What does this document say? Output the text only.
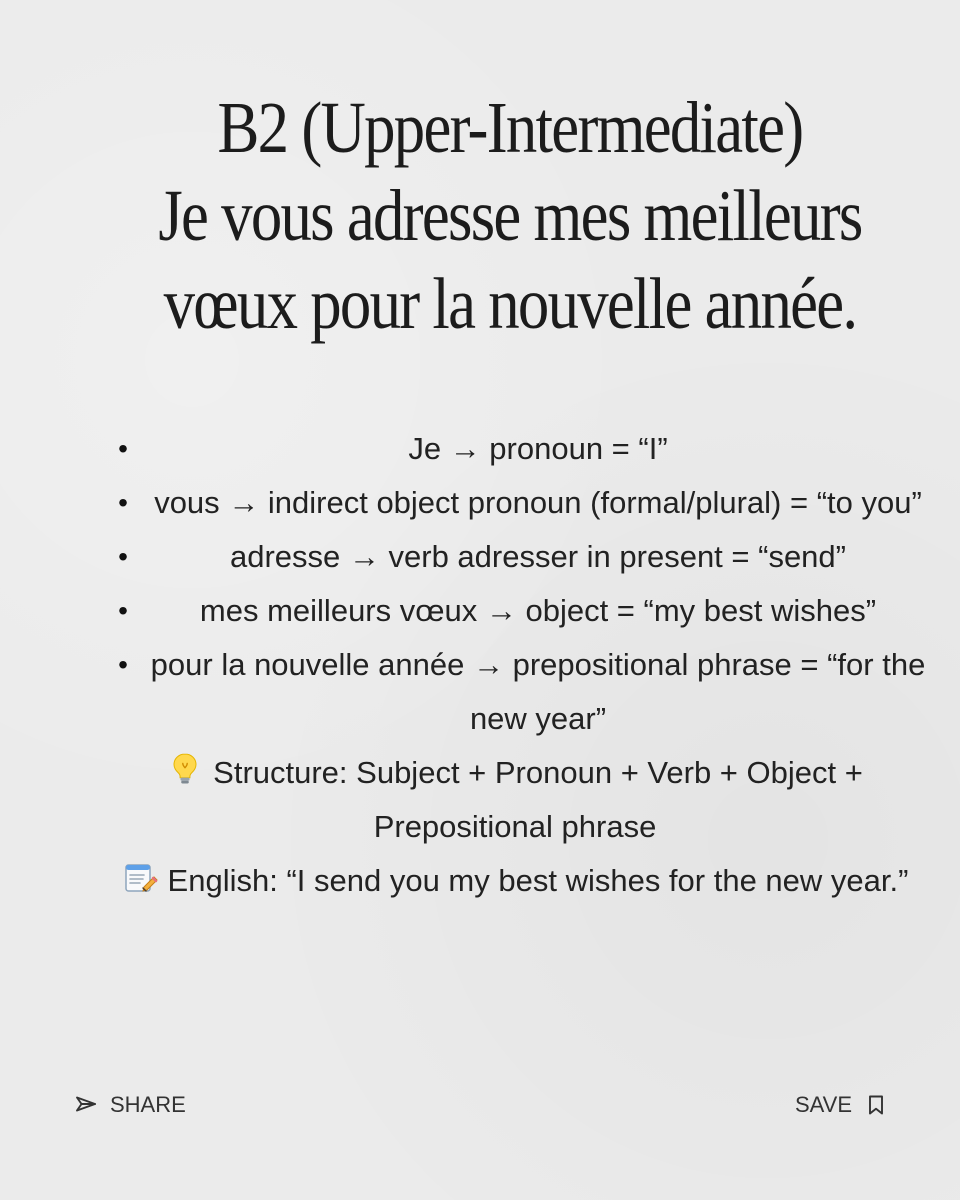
B2 (Upper-Intermediate)
Je vous adresse mes meilleurs
vœux pour la nouvelle année.
•	Je → pronoun = “I”
• vous → indirect object pronoun (formal/plural) = “to you”
•	adresse → verb adresser in present = “send”
•	mes meilleurs vœux → object = “my best wishes”
• pour la nouvelle année → prepositional phrase = “for the new year”
Structure: Subject + Pronoun + Verb + Object + Prepositional phrase
English: “I send you my best wishes for the new year.”
SHARE	SAVE
